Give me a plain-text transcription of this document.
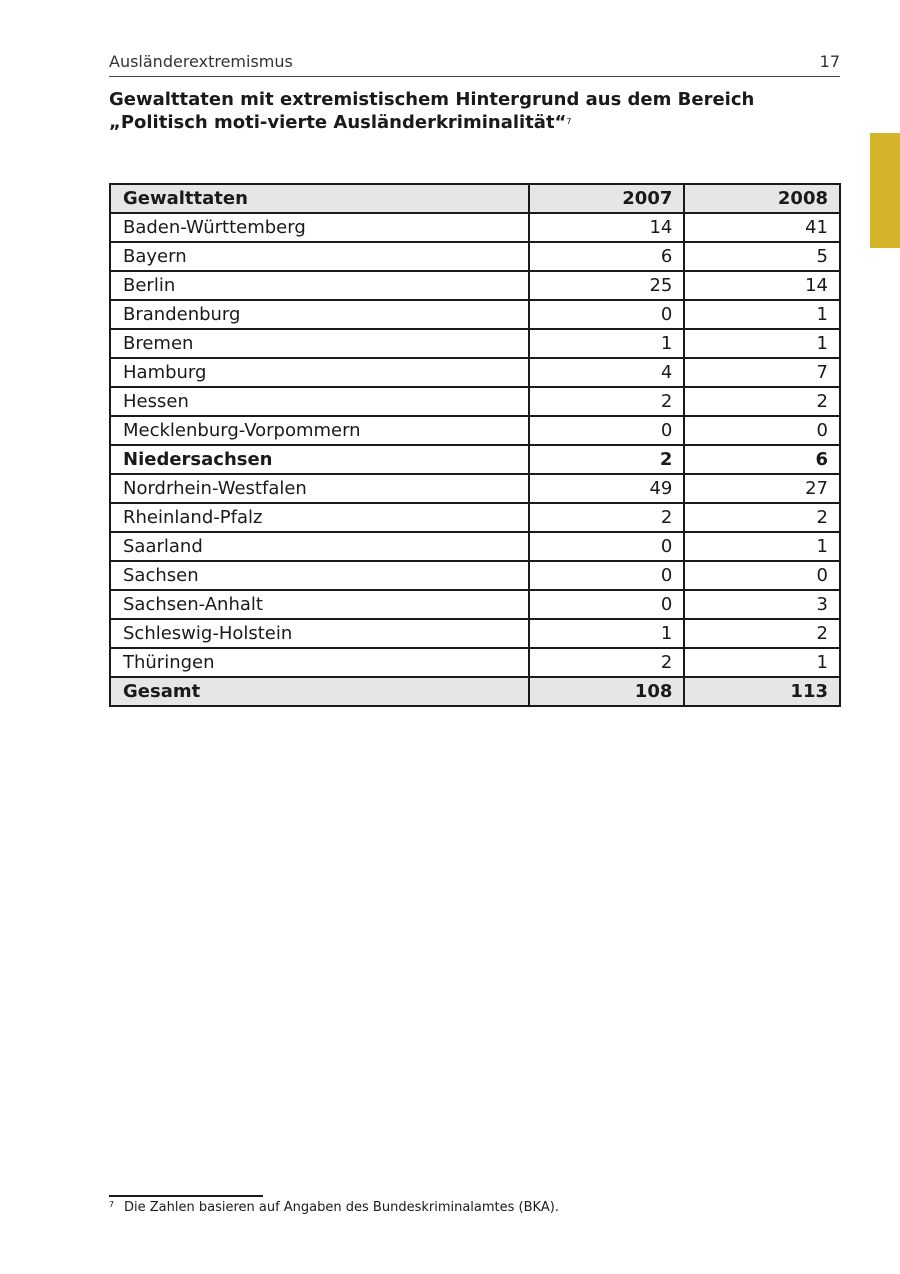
Ausländerextremismus	17
Gewalttaten mit extremistischem Hintergrund aus dem Bereich „Politisch moti-vierte Ausländerkriminalität“$^7$
Gewalttaten	2007	2008
Baden-Württemberg	14	41
Bayern	6	5
Berlin	25	14
Brandenburg	0	1
Bremen	1	1
Hamburg	4	7
Hessen	2	2
Mecklenburg-Vorpommern	0	0
Niedersachsen	2	6
Nordrhein-Westfalen	49	27
Rheinland-Pfalz	2	2
Saarland	0	1
Sachsen	0	0
Sachsen-Anhalt	0	3
Schleswig-Holstein	1	2
Thüringen	2	1
Gesamt	108	113
7 Die Zahlen basieren auf Angaben des Bundeskriminalamtes (BKA).
